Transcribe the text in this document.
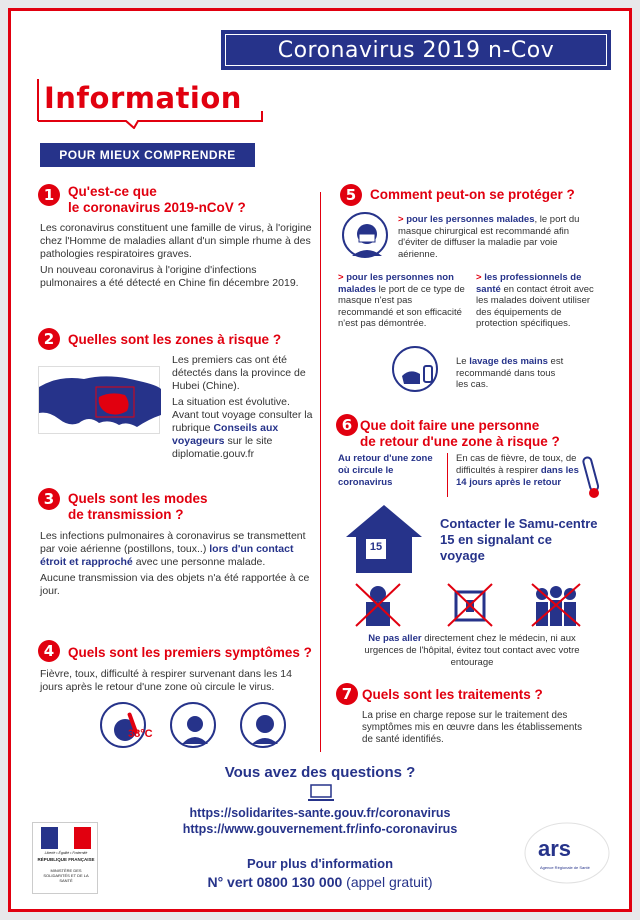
Coronavirus 2019 n-Cov
Information
POUR MIEUX COMPRENDRE
1	Qu'est-ce que
le coronavirus 2019-nCoV ?

Les coronavirus constituent une famille de virus, à l'origine chez l'Homme de maladies allant d'un simple rhume à des pathologies respiratoires graves.

Un nouveau coronavirus à l'origine d'infections pulmonaires a été détecté en Chine fin décembre 2019.

2	Quelles sont les zones à risque ?

Les premiers cas ont été détectés dans la province de Hubei (Chine).

La situation est évolutive. Avant tout voyage consulter la rubrique Conseils aux voyageurs sur le site diplomatie.gouv.fr

3	Quels sont les modes
de transmission ?

Les infections pulmonaires à coronavirus se transmettent par voie aérienne (postillons, toux..) lors d'un contact étroit et rapproché avec une personne malade.

Aucune transmission via des objets n'a été rapportée à ce jour.

4	Quels sont les premiers symptômes ?
Fièvre, toux, difficulté à respirer survenant dans les 14 jours après le retour d'une zone où circule le virus.
38°C
5	Comment peut-on se protéger ?
> pour les personnes malades, le port du masque chirurgical est recommandé afin d'éviter de diffuser la maladie par voie aérienne.
> pour les personnes non malades le port de ce type de masque n'est pas recommandé et son efficacité n'est pas démontrée.
> les professionnels de santé en contact étroit avec les malades doivent utiliser des équipements de protection spécifiques.
Le lavage des mains est recommandé dans tous les cas.
6 Que doit faire une personne
de retour d'une zone à risque ?
Au retour d'une zone où circule le coronavirus
En cas de fièvre, de toux, de difficultés à respirer dans les 14 jours après le retour
15
Contacter le Samu-centre 15 en signalant ce voyage
Ne pas aller directement chez le médecin, ni aux urgences de l'hôpital, évitez tout contact avec votre entourage
7 Quels sont les traitements ?
La prise en charge repose sur le traitement des symptômes mis en œuvre dans les établissements de santé identifiés.
Vous avez des questions ?
https://solidarites-sante.gouv.fr/coronavirus
https://www.gouvernement.fr/info-coronavirus
Liberté • Égalité • Fraternité
RÉPUBLIQUE FRANÇAISE
MINISTÈRE DES SOLIDARITÉS ET DE LA SANTÉ
Pour plus d'information
N° vert 0800 130 000 (appel gratuit)
ars
Agence Régionale de Santé
